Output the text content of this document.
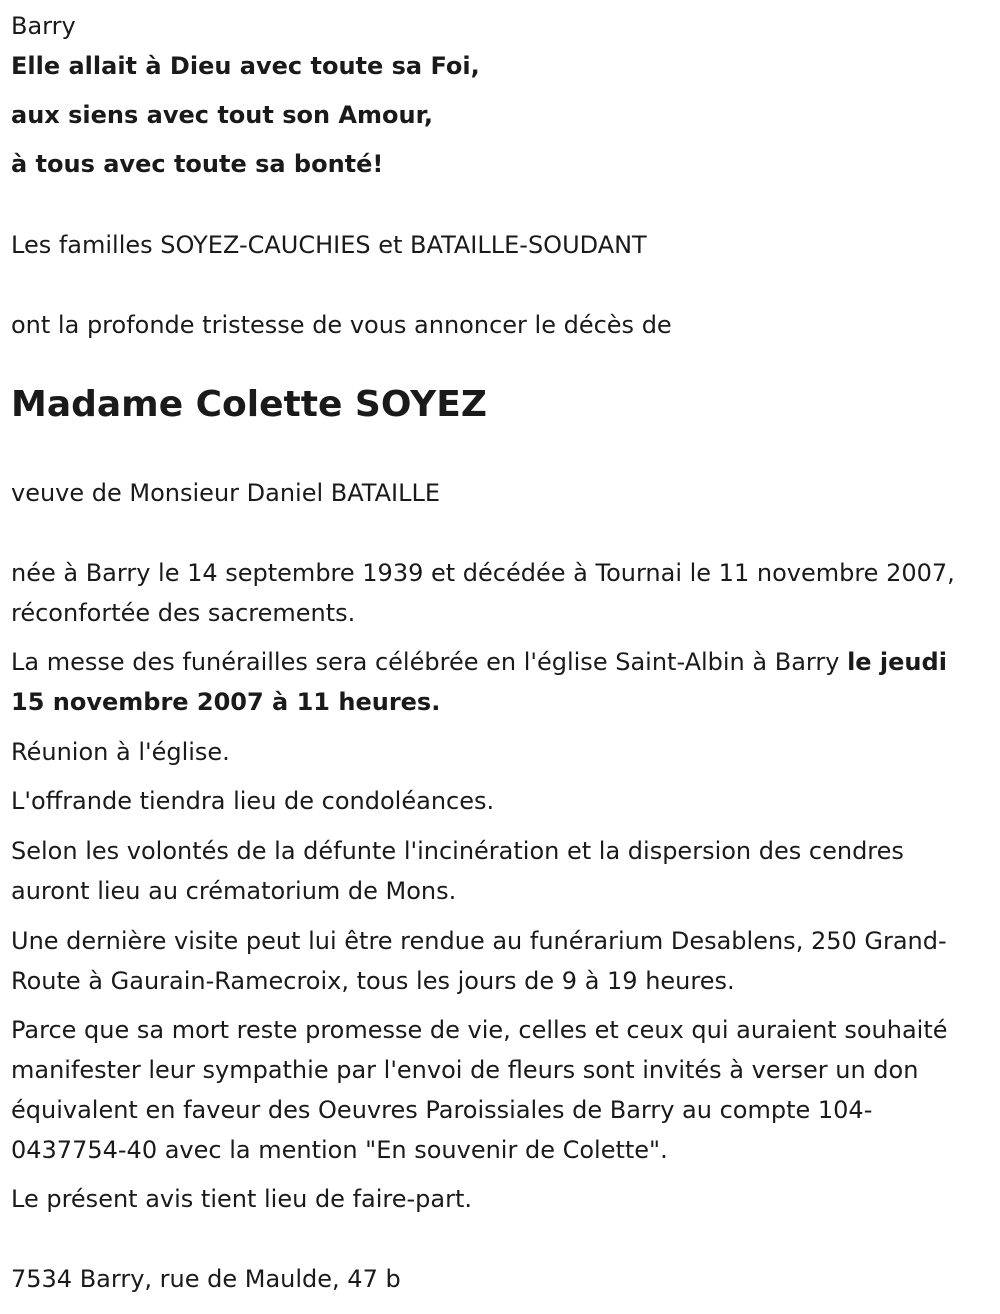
Barry
Elle allait à Dieu avec toute sa Foi,
aux siens avec tout son Amour,
à tous avec toute sa bonté!
Les familles SOYEZ-CAUCHIES et BATAILLE-SOUDANT
ont la profonde tristesse de vous annoncer le décès de
Madame Colette SOYEZ
veuve de Monsieur Daniel BATAILLE
née à Barry le 14 septembre 1939 et décédée à Tournai le 11 novembre 2007, réconfortée des sacrements.
La messe des funérailles sera célébrée en l'église Saint-Albin à Barry le jeudi 15 novembre 2007 à 11 heures.
Réunion à l'église.
L'offrande tiendra lieu de condoléances.
Selon les volontés de la défunte l'incinération et la dispersion des cendres auront lieu au crématorium de Mons.
Une dernière visite peut lui être rendue au funérarium Desablens, 250 Grand-Route à Gaurain-Ramecroix, tous les jours de 9 à 19 heures.
Parce que sa mort reste promesse de vie, celles et ceux qui auraient souhaité manifester leur sympathie par l'envoi de fleurs sont invités à verser un don équivalent en faveur des Oeuvres Paroissiales de Barry au compte 104-0437754-40 avec la mention "En souvenir de Colette".
Le présent avis tient lieu de faire-part.
7534 Barry, rue de Maulde, 47 b
